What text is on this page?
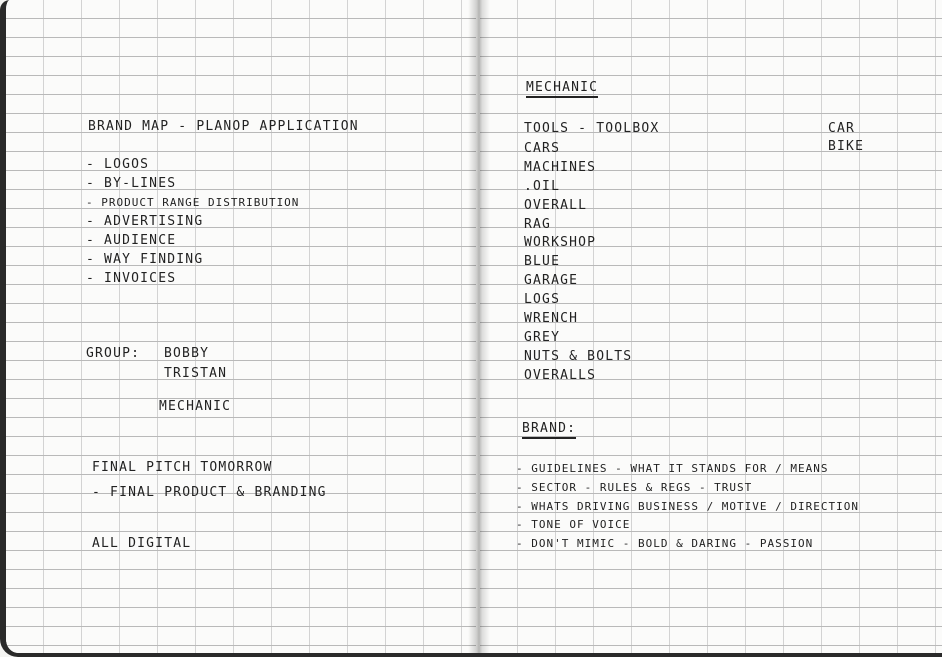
BRAND MAP - PLANOP APPLICATION
- LOGOS
- BY-LINES
- PRODUCT RANGE DISTRIBUTION
- ADVERTISING
- AUDIENCE
- WAY FINDING
- INVOICES
GROUP: BOBBY
TRISTAN
MECHANIC
FINAL PITCH TOMORROW
- FINAL PRODUCT & BRANDING
ALL DIGITAL
MECHANIC
TOOLS - TOOLBOX
CARS
MACHINES
.OIL
OVERALL
RAG
WORKSHOP
BLUE
GARAGE
LOGS
WRENCH
GREY
NUTS & BOLTS
OVERALLS
CAR
BIKE
BRAND:
- GUIDELINES - WHAT IT STANDS FOR / MEANS
- SECTOR - RULES & REGS - TRUST
- WHATS DRIVING BUSINESS / MOTIVE / DIRECTION
- TONE OF VOICE
- DON'T MIMIC - BOLD & DARING - PASSION
